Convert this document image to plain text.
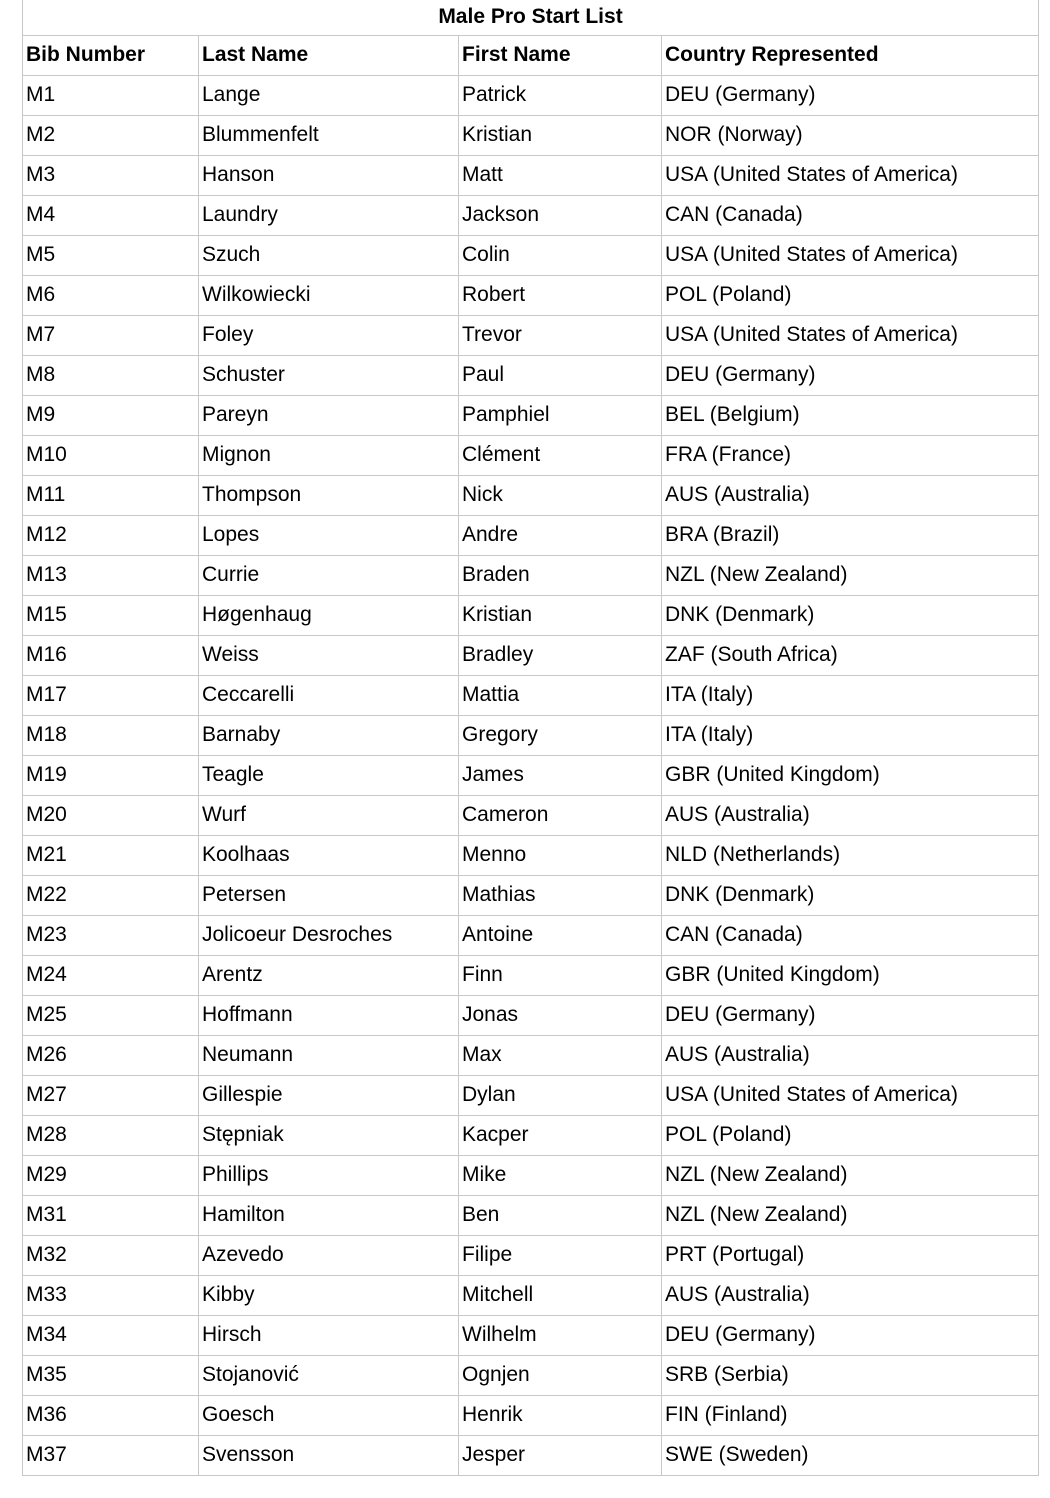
Male Pro Start List			
Bib Number	Last Name	First Name	Country Represented
M1	Lange	Patrick	DEU (Germany)
M2	Blummenfelt	Kristian	NOR (Norway)
M3	Hanson	Matt	USA (United States of America)
M4	Laundry	Jackson	CAN (Canada)
M5	Szuch	Colin	USA (United States of America)
M6	Wilkowiecki	Robert	POL (Poland)
M7	Foley	Trevor	USA (United States of America)
M8	Schuster	Paul	DEU (Germany)
M9	Pareyn	Pamphiel	BEL (Belgium)
M10	Mignon	Clément	FRA (France)
M11	Thompson	Nick	AUS (Australia)
M12	Lopes	Andre	BRA (Brazil)
M13	Currie	Braden	NZL (New Zealand)
M15	Høgenhaug	Kristian	DNK (Denmark)
M16	Weiss	Bradley	ZAF (South Africa)
M17	Ceccarelli	Mattia	ITA (Italy)
M18	Barnaby	Gregory	ITA (Italy)
M19	Teagle	James	GBR (United Kingdom)
M20	Wurf	Cameron	AUS (Australia)
M21	Koolhaas	Menno	NLD (Netherlands)
M22	Petersen	Mathias	DNK (Denmark)
M23	Jolicoeur Desroches	Antoine	CAN (Canada)
M24	Arentz	Finn	GBR (United Kingdom)
M25	Hoffmann	Jonas	DEU (Germany)
M26	Neumann	Max	AUS (Australia)
M27	Gillespie	Dylan	USA (United States of America)
M28	Stępniak	Kacper	POL (Poland)
M29	Phillips	Mike	NZL (New Zealand)
M31	Hamilton	Ben	NZL (New Zealand)
M32	Azevedo	Filipe	PRT (Portugal)
M33	Kibby	Mitchell	AUS (Australia)
M34	Hirsch	Wilhelm	DEU (Germany)
M35	Stojanović	Ognjen	SRB (Serbia)
M36	Goesch	Henrik	FIN (Finland)
M37	Svensson	Jesper	SWE (Sweden)
